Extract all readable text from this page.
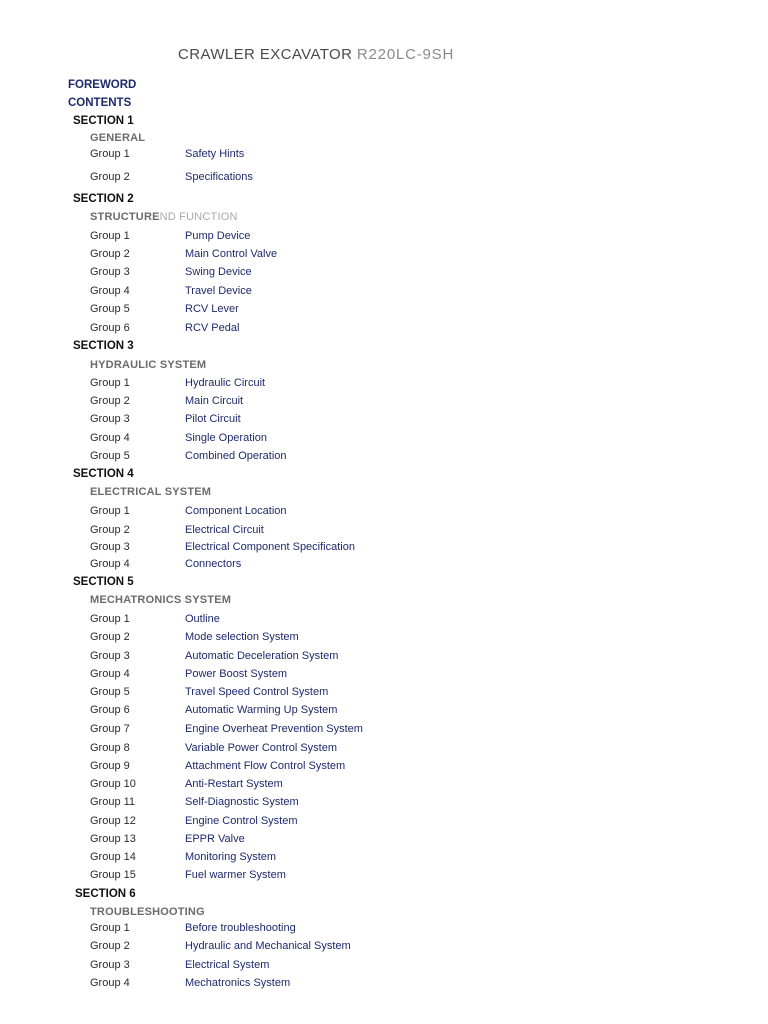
CRAWLER EXCAVATOR R220LC-9SH
FOREWORD
CONTENTS
SECTION 1
GENERAL
Group 1	Safety Hints
Group 2	Specifications
SECTION 2
STRUCTUREND FUNCTION
Group 1	Pump Device
Group 2	Main Control Valve
Group 3	Swing Device
Group 4	Travel Device
Group 5	RCV Lever
Group 6	RCV Pedal
SECTION 3
HYDRAULIC SYSTEM
Group 1	Hydraulic Circuit
Group 2	Main Circuit
Group 3	Pilot Circuit
Group 4	Single Operation
Group 5	Combined Operation
SECTION 4
ELECTRICAL SYSTEM
Group 1	Component Location
Group 2	Electrical Circuit
Group 3	Electrical Component Specification
Group 4	Connectors
SECTION 5
MECHATRONICS SYSTEM
Group 1	Outline
Group 2	Mode selection System
Group 3	Automatic Deceleration System
Group 4	Power Boost System
Group 5	Travel Speed Control System
Group 6	Automatic Warming Up System
Group 7	Engine Overheat Prevention System
Group 8	Variable Power Control System
Group 9	Attachment Flow Control System
Group 10	Anti-Restart System
Group 11	Self-Diagnostic System
Group 12	Engine Control System
Group 13	EPPR Valve
Group 14	Monitoring System
Group 15	Fuel warmer System
SECTION 6
TROUBLESHOOTING
Group 1	Before troubleshooting
Group 2	Hydraulic and Mechanical System
Group 3	Electrical System
Group 4	Mechatronics System
